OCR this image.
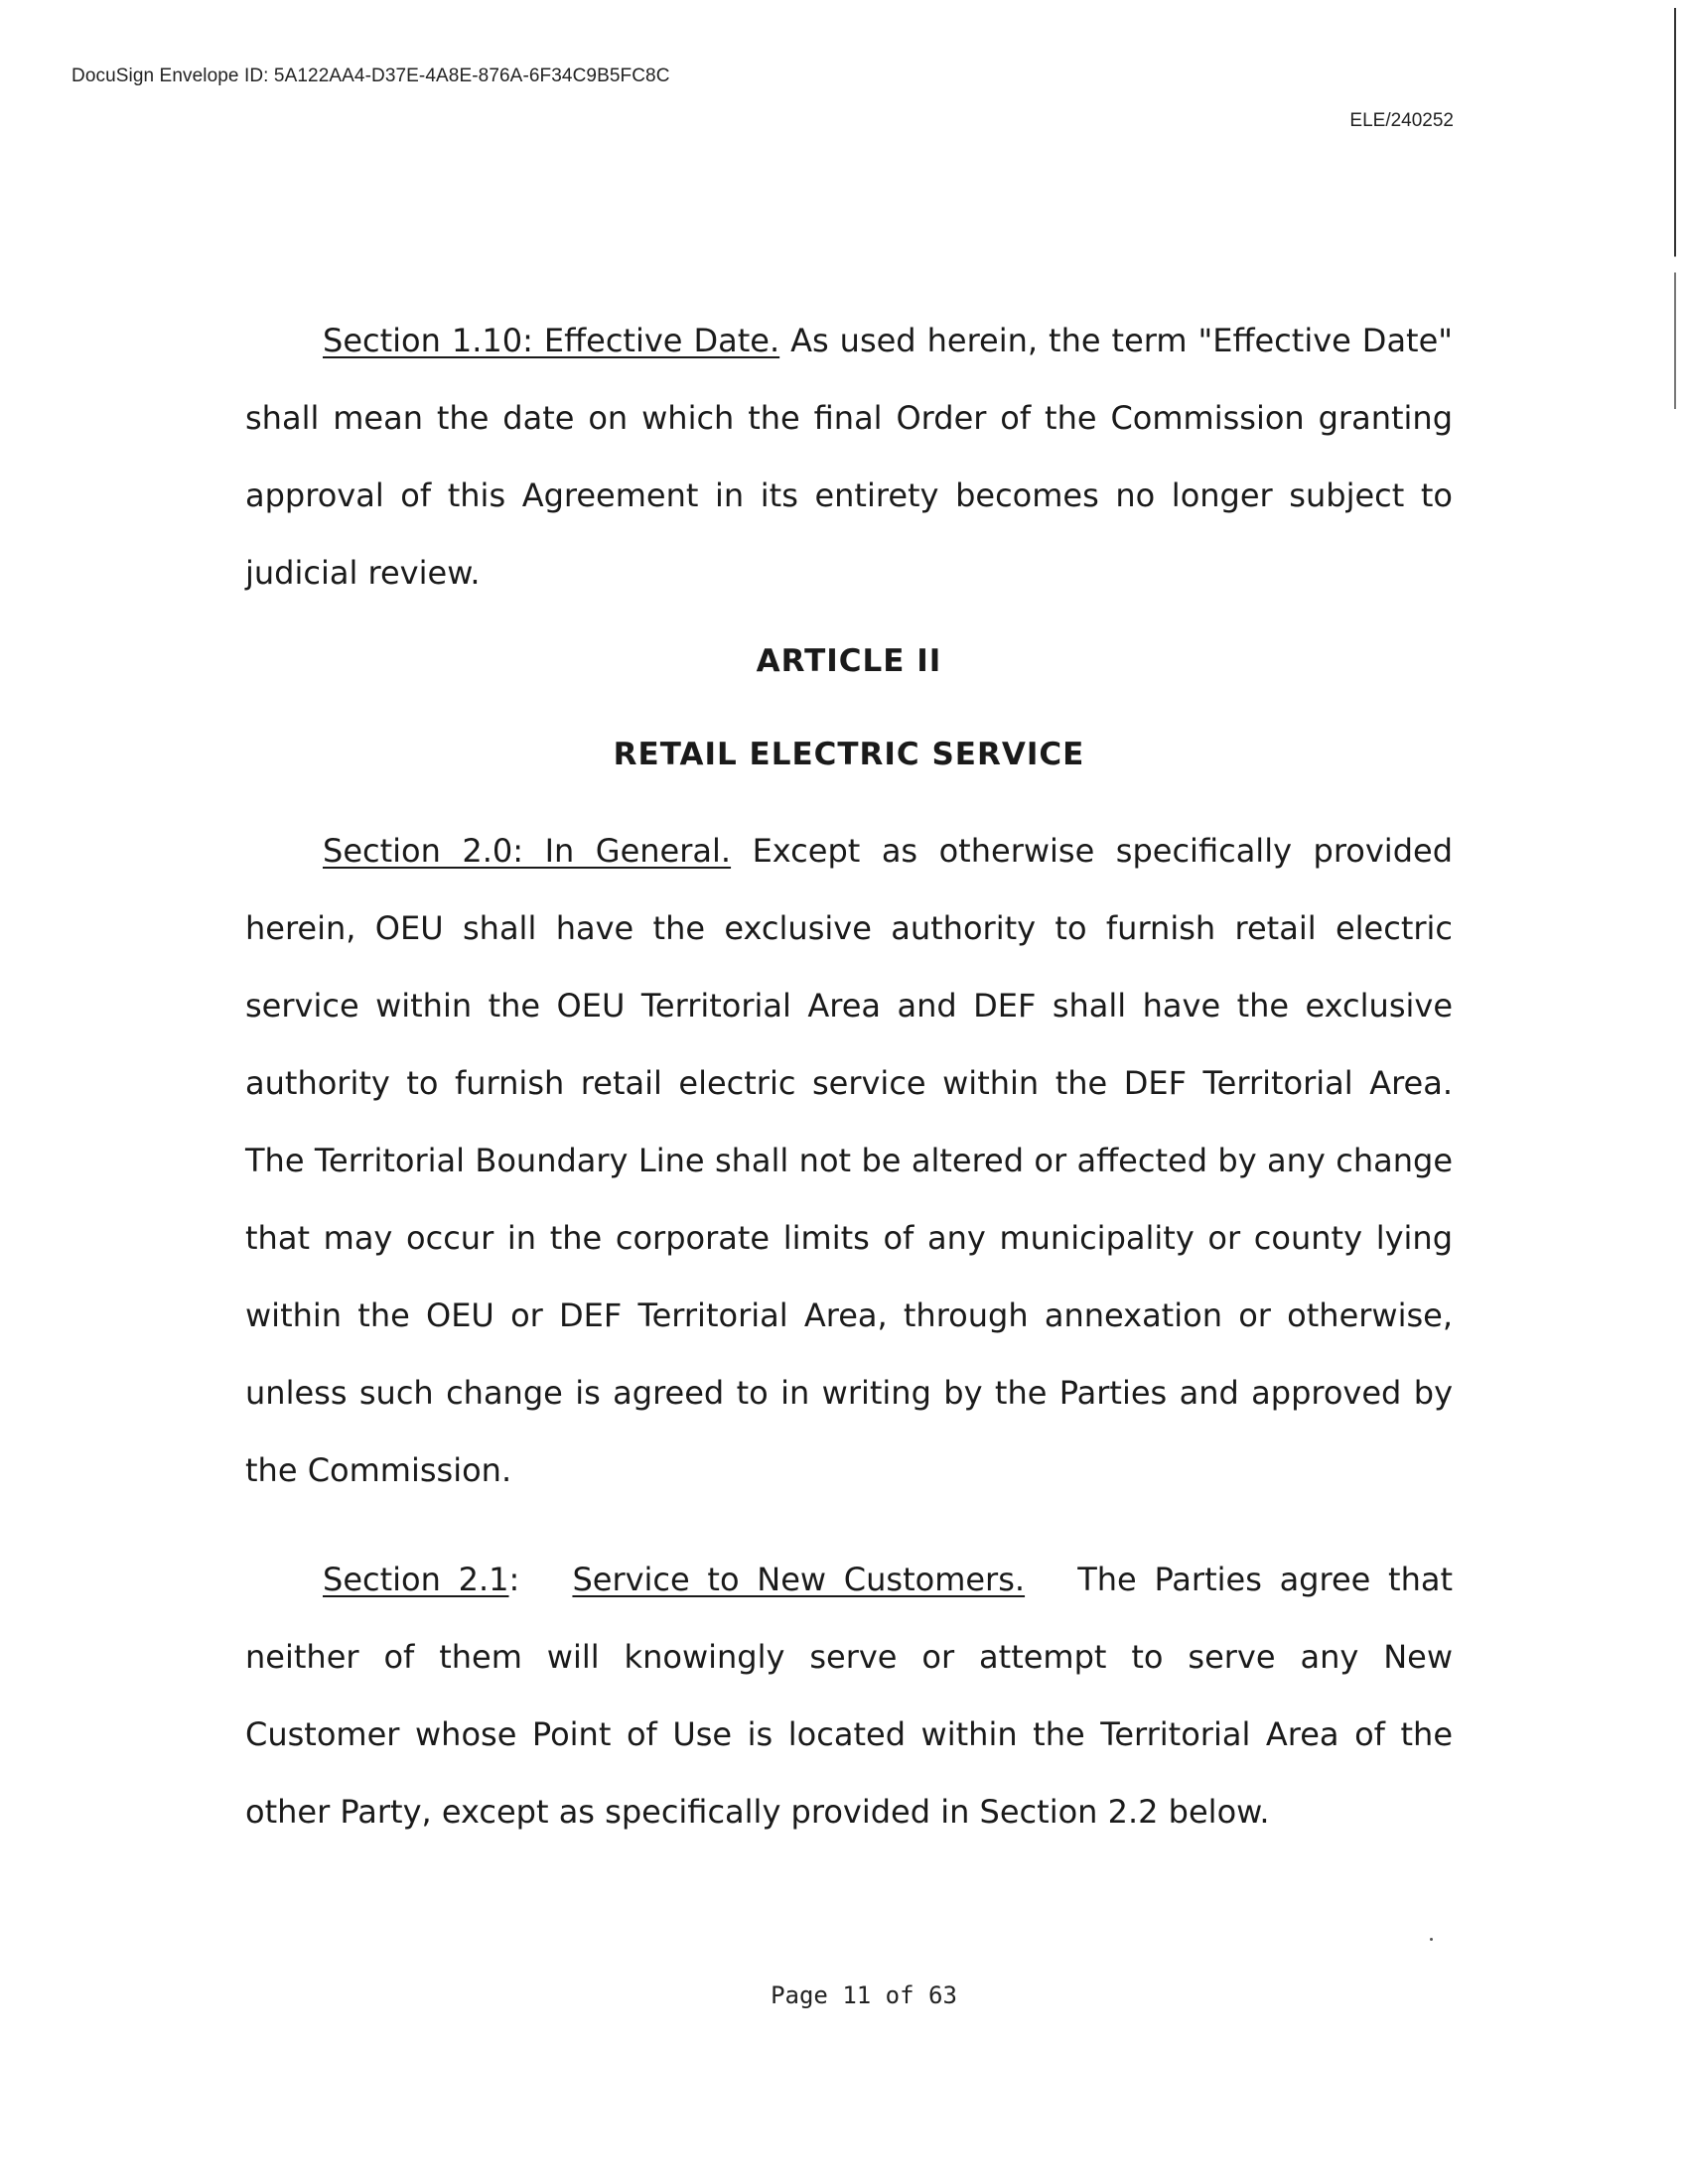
DocuSign Envelope ID: 5A122AA4-D37E-4A8E-876A-6F34C9B5FC8C
ELE/240252

Section 1.10: Effective Date. As used herein, the term "Effective Date" shall mean the date on which the final Order of the Commission granting approval of this Agreement in its entirety becomes no longer subject to judicial review.

ARTICLE II
RETAIL ELECTRIC SERVICE

Section 2.0: In General. Except as otherwise specifically provided herein, OEU shall have the exclusive authority to furnish retail electric service within the OEU Territorial Area and DEF shall have the exclusive authority to furnish retail electric service within the DEF Territorial Area. The Territorial Boundary Line shall not be altered or affected by any change that may occur in the corporate limits of any municipality or county lying within the OEU or DEF Territorial Area, through annexation or otherwise, unless such change is agreed to in writing by the Parties and approved by the Commission.

Section 2.1:   Service to New Customers.   The Parties agree that neither of them will knowingly serve or attempt to serve any New Customer whose Point of Use is located within the Territorial Area of the other Party, except as specifically provided in Section 2.2 below.

Page 11 of 63
